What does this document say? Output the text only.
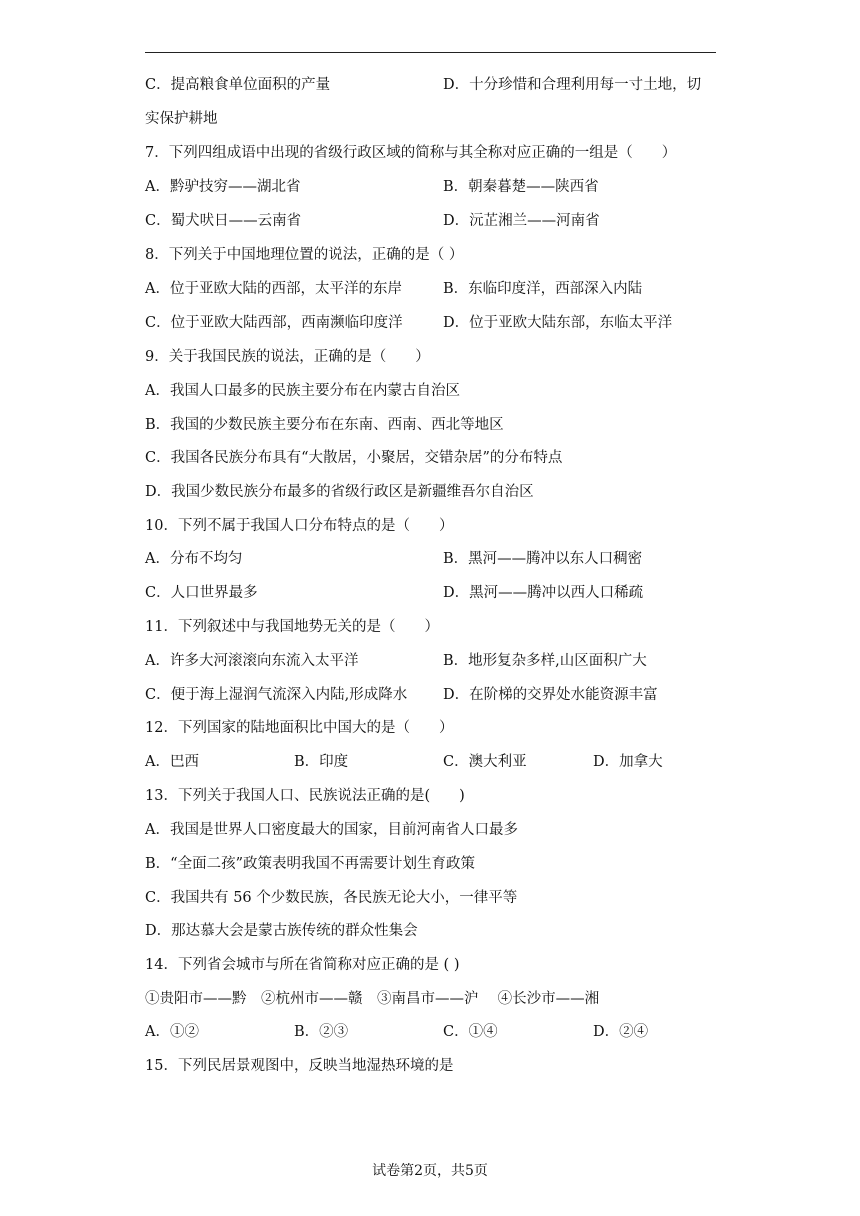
C．提高粮食单位面积的产量	D．十分珍惜和合理利用每一寸土地，切
实保护耕地
7．下列四组成语中出现的省级行政区域的简称与其全称对应正确的一组是（　　）
A．黔驴技穷——湖北省	B．朝秦暮楚——陕西省
C．蜀犬吠日——云南省	D．沅芷湘兰——河南省
8．下列关于中国地理位置的说法，正确的是（ ）
A．位于亚欧大陆的西部，太平洋的东岸	B．东临印度洋，西部深入内陆
C．位于亚欧大陆西部，西南濒临印度洋	D．位于亚欧大陆东部，东临太平洋
9．关于我国民族的说法，正确的是（　　）
A．我国人口最多的民族主要分布在内蒙古自治区
B．我国的少数民族主要分布在东南、西南、西北等地区
C．我国各民族分布具有“大散居，小聚居，交错杂居”的分布特点
D．我国少数民族分布最多的省级行政区是新疆维吾尔自治区
10．下列不属于我国人口分布特点的是（　　）
A．分布不均匀	B．黑河——腾冲以东人口稠密
C．人口世界最多	D．黑河——腾冲以西人口稀疏
11．下列叙述中与我国地势无关的是（　　）
A．许多大河滚滚向东流入太平洋	B．地形复杂多样,山区面积广大
C．便于海上湿润气流深入内陆,形成降水 D．在阶梯的交界处水能资源丰富
12．下列国家的陆地面积比中国大的是（　　）
A．巴西	B．印度	C．澳大利亚	D．加拿大
13．下列关于我国人口、民族说法正确的是(　　)
A．我国是世界人口密度最大的国家，目前河南省人口最多
B．“全面二孩”政策表明我国不再需要计划生育政策
C．我国共有 56 个少数民族，各民族无论大小，一律平等
D．那达慕大会是蒙古族传统的群众性集会
14．下列省会城市与所在省简称对应正确的是 ( )
①贵阳市——黔　②杭州市——赣　③南昌市——沪　 ④长沙市——湘
A．①②	B．②③	C．①④	D．②④
15．下列民居景观图中，反映当地湿热环境的是
试卷第2页，共5页
